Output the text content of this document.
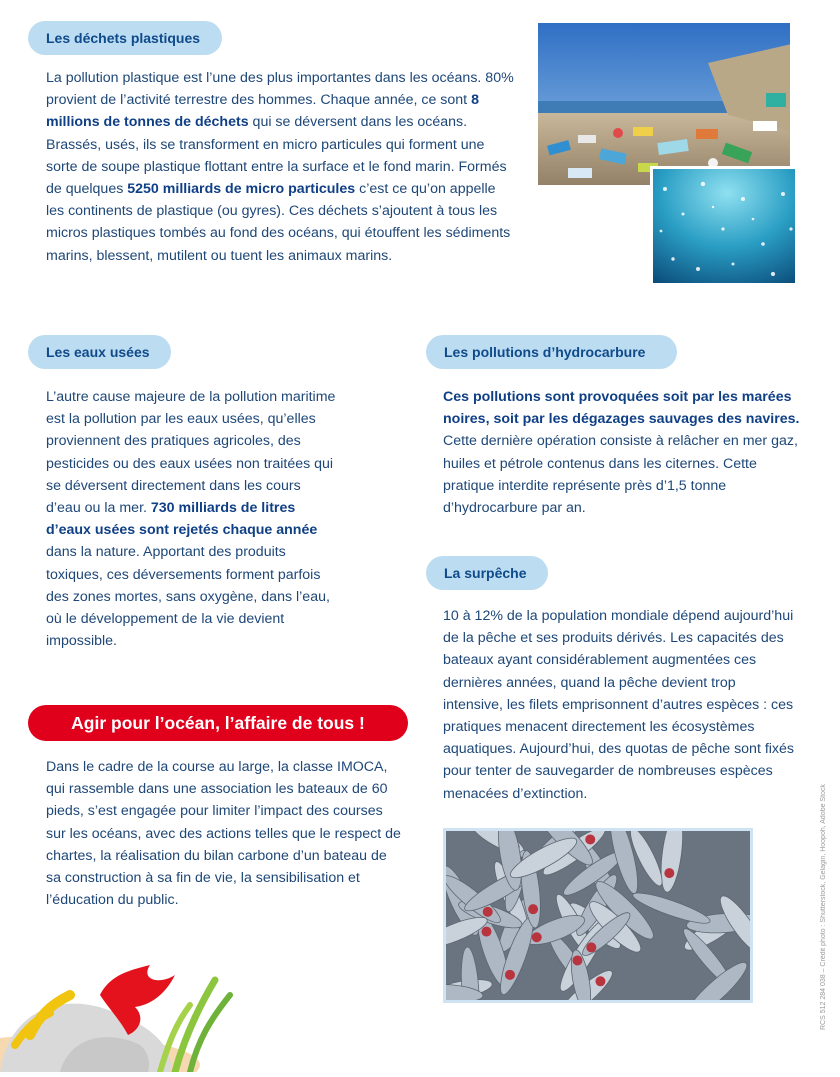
Les déchets plastiques
La pollution plastique est l’une des plus importantes dans les océans. 80% provient de l’activité terrestre des hommes. Chaque année, ce sont 8 millions de tonnes de déchets qui se déversent dans les océans. Brassés, usés, ils se transforment en micro particules qui forment une sorte de soupe plastique flottant entre la surface et le fond marin. Formés de quelques 5250 milliards de micro particules c’est ce qu’on appelle les continents de plastique (ou gyres). Ces déchets s’ajoutent à tous les micros plastiques tombés au fond des océans, qui étouffent les sédiments marins, blessent, mutilent ou tuent les animaux marins.
Les eaux usées
L’autre cause majeure de la pollution maritime est la pollution par les eaux usées, qu’elles proviennent des pratiques agricoles, des pesticides ou des eaux usées non traitées qui se déversent directement dans les cours d’eau ou la mer. 730 milliards de litres d’eaux usées sont rejetés chaque année dans la nature. Apportant des produits toxiques, ces déversements forment parfois des zones mortes, sans oxygène, dans l’eau, où le développement de la vie devient impossible.
Les pollutions d’hydrocarbure
Ces pollutions sont provoquées soit par les marées noires, soit par les dégazages sauvages des navires. Cette dernière opération consiste à relâcher en mer gaz, huiles et pétrole contenus dans les citernes. Cette pratique interdite représente près d’1,5 tonne d’hydrocarbure par an.
La surpêche
10 à 12% de la population mondiale dépend aujourd’hui de la pêche et ses produits dérivés. Les capacités des bateaux ayant considérablement augmentées ces dernières années, quand la pêche devient trop intensive, les filets emprisonnent d’autres espèces : ces pratiques menacent directement les écosystèmes aquatiques. Aujourd’hui, des quotas de pêche sont fixés pour tenter de sauvegarder de nombreuses espèces menacées d’extinction.
Agir pour l’océan, l’affaire de tous !
Dans le cadre de la course au large, la classe IMOCA, qui rassemble dans une association les bateaux de 60 pieds, s’est engagée pour limiter l’impact des courses sur les océans, avec des actions telles que le respect de chartes, la réalisation du bilan carbone d’un bateau de sa construction à sa fin de vie, la sensibilisation et l’éducation du public.	RCS 512 284 038 – Crédit photo : Shutterstock, Gelagin, Hoopoh, Adobe Stock
